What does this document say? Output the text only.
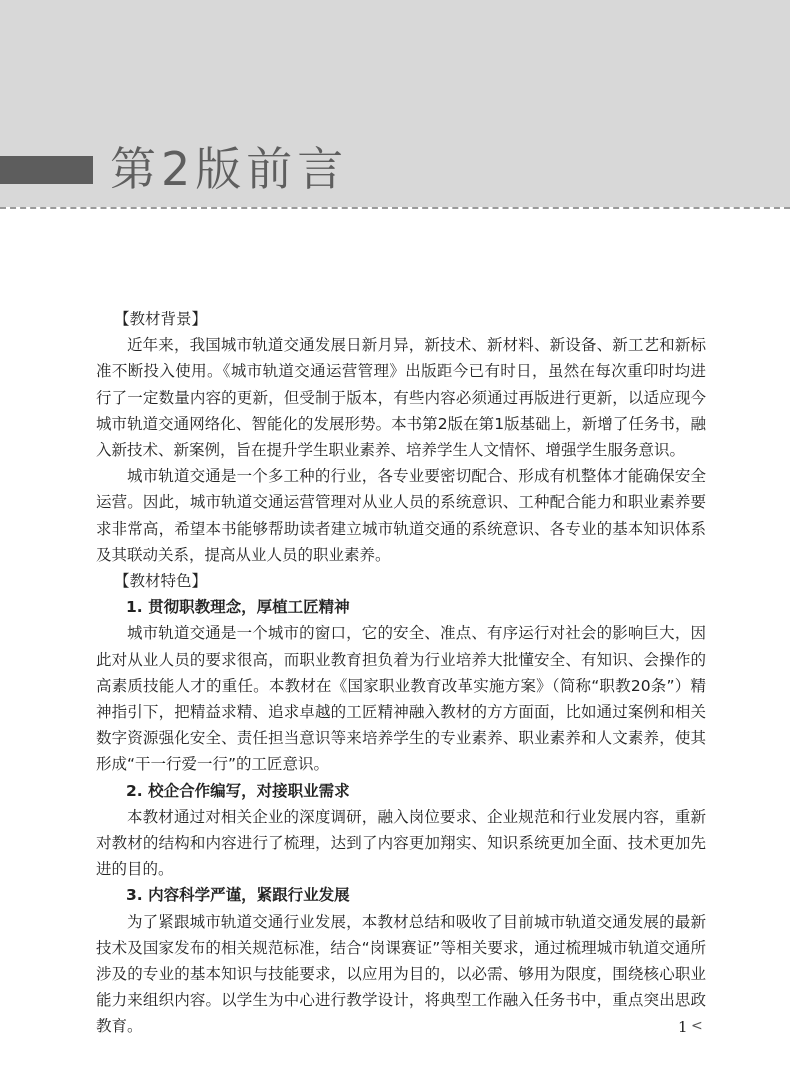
第2版前言

【教材背景】

近年来，我国城市轨道交通发展日新月异，新技术、新材料、新设备、新工艺和新标准不断投入使用。《城市轨道交通运营管理》出版距今已有时日，虽然在每次重印时均进行了一定数量内容的更新，但受制于版本，有些内容必须通过再版进行更新，以适应现今城市轨道交通网络化、智能化的发展形势。本书第2版在第1版基础上，新增了任务书，融入新技术、新案例，旨在提升学生职业素养、培养学生人文情怀、增强学生服务意识。

城市轨道交通是一个多工种的行业，各专业要密切配合、形成有机整体才能确保安全运营。因此，城市轨道交通运营管理对从业人员的系统意识、工种配合能力和职业素养要求非常高，希望本书能够帮助读者建立城市轨道交通的系统意识、各专业的基本知识体系及其联动关系，提高从业人员的职业素养。

【教材特色】

1. 贯彻职教理念，厚植工匠精神

城市轨道交通是一个城市的窗口，它的安全、准点、有序运行对社会的影响巨大，因此对从业人员的要求很高，而职业教育担负着为行业培养大批懂安全、有知识、会操作的高素质技能人才的重任。本教材在《国家职业教育改革实施方案》（简称“职教20条”）精神指引下，把精益求精、追求卓越的工匠精神融入教材的方方面面，比如通过案例和相关数字资源强化安全、责任担当意识等来培养学生的专业素养、职业素养和人文素养，使其形成“干一行爱一行”的工匠意识。

2. 校企合作编写，对接职业需求

本教材通过对相关企业的深度调研，融入岗位要求、企业规范和行业发展内容，重新对教材的结构和内容进行了梳理，达到了内容更加翔实、知识系统更加全面、技术更加先进的目的。

3. 内容科学严谨，紧跟行业发展

为了紧跟城市轨道交通行业发展，本教材总结和吸收了目前城市轨道交通发展的最新技术及国家发布的相关规范标准，结合“岗课赛证”等相关要求，通过梳理城市轨道交通所涉及的专业的基本知识与技能要求，以应用为目的，以必需、够用为限度，围绕核心职业能力来组织内容。以学生为中心进行教学设计，将典型工作融入任务书中，重点突出思政教育。	1 <
